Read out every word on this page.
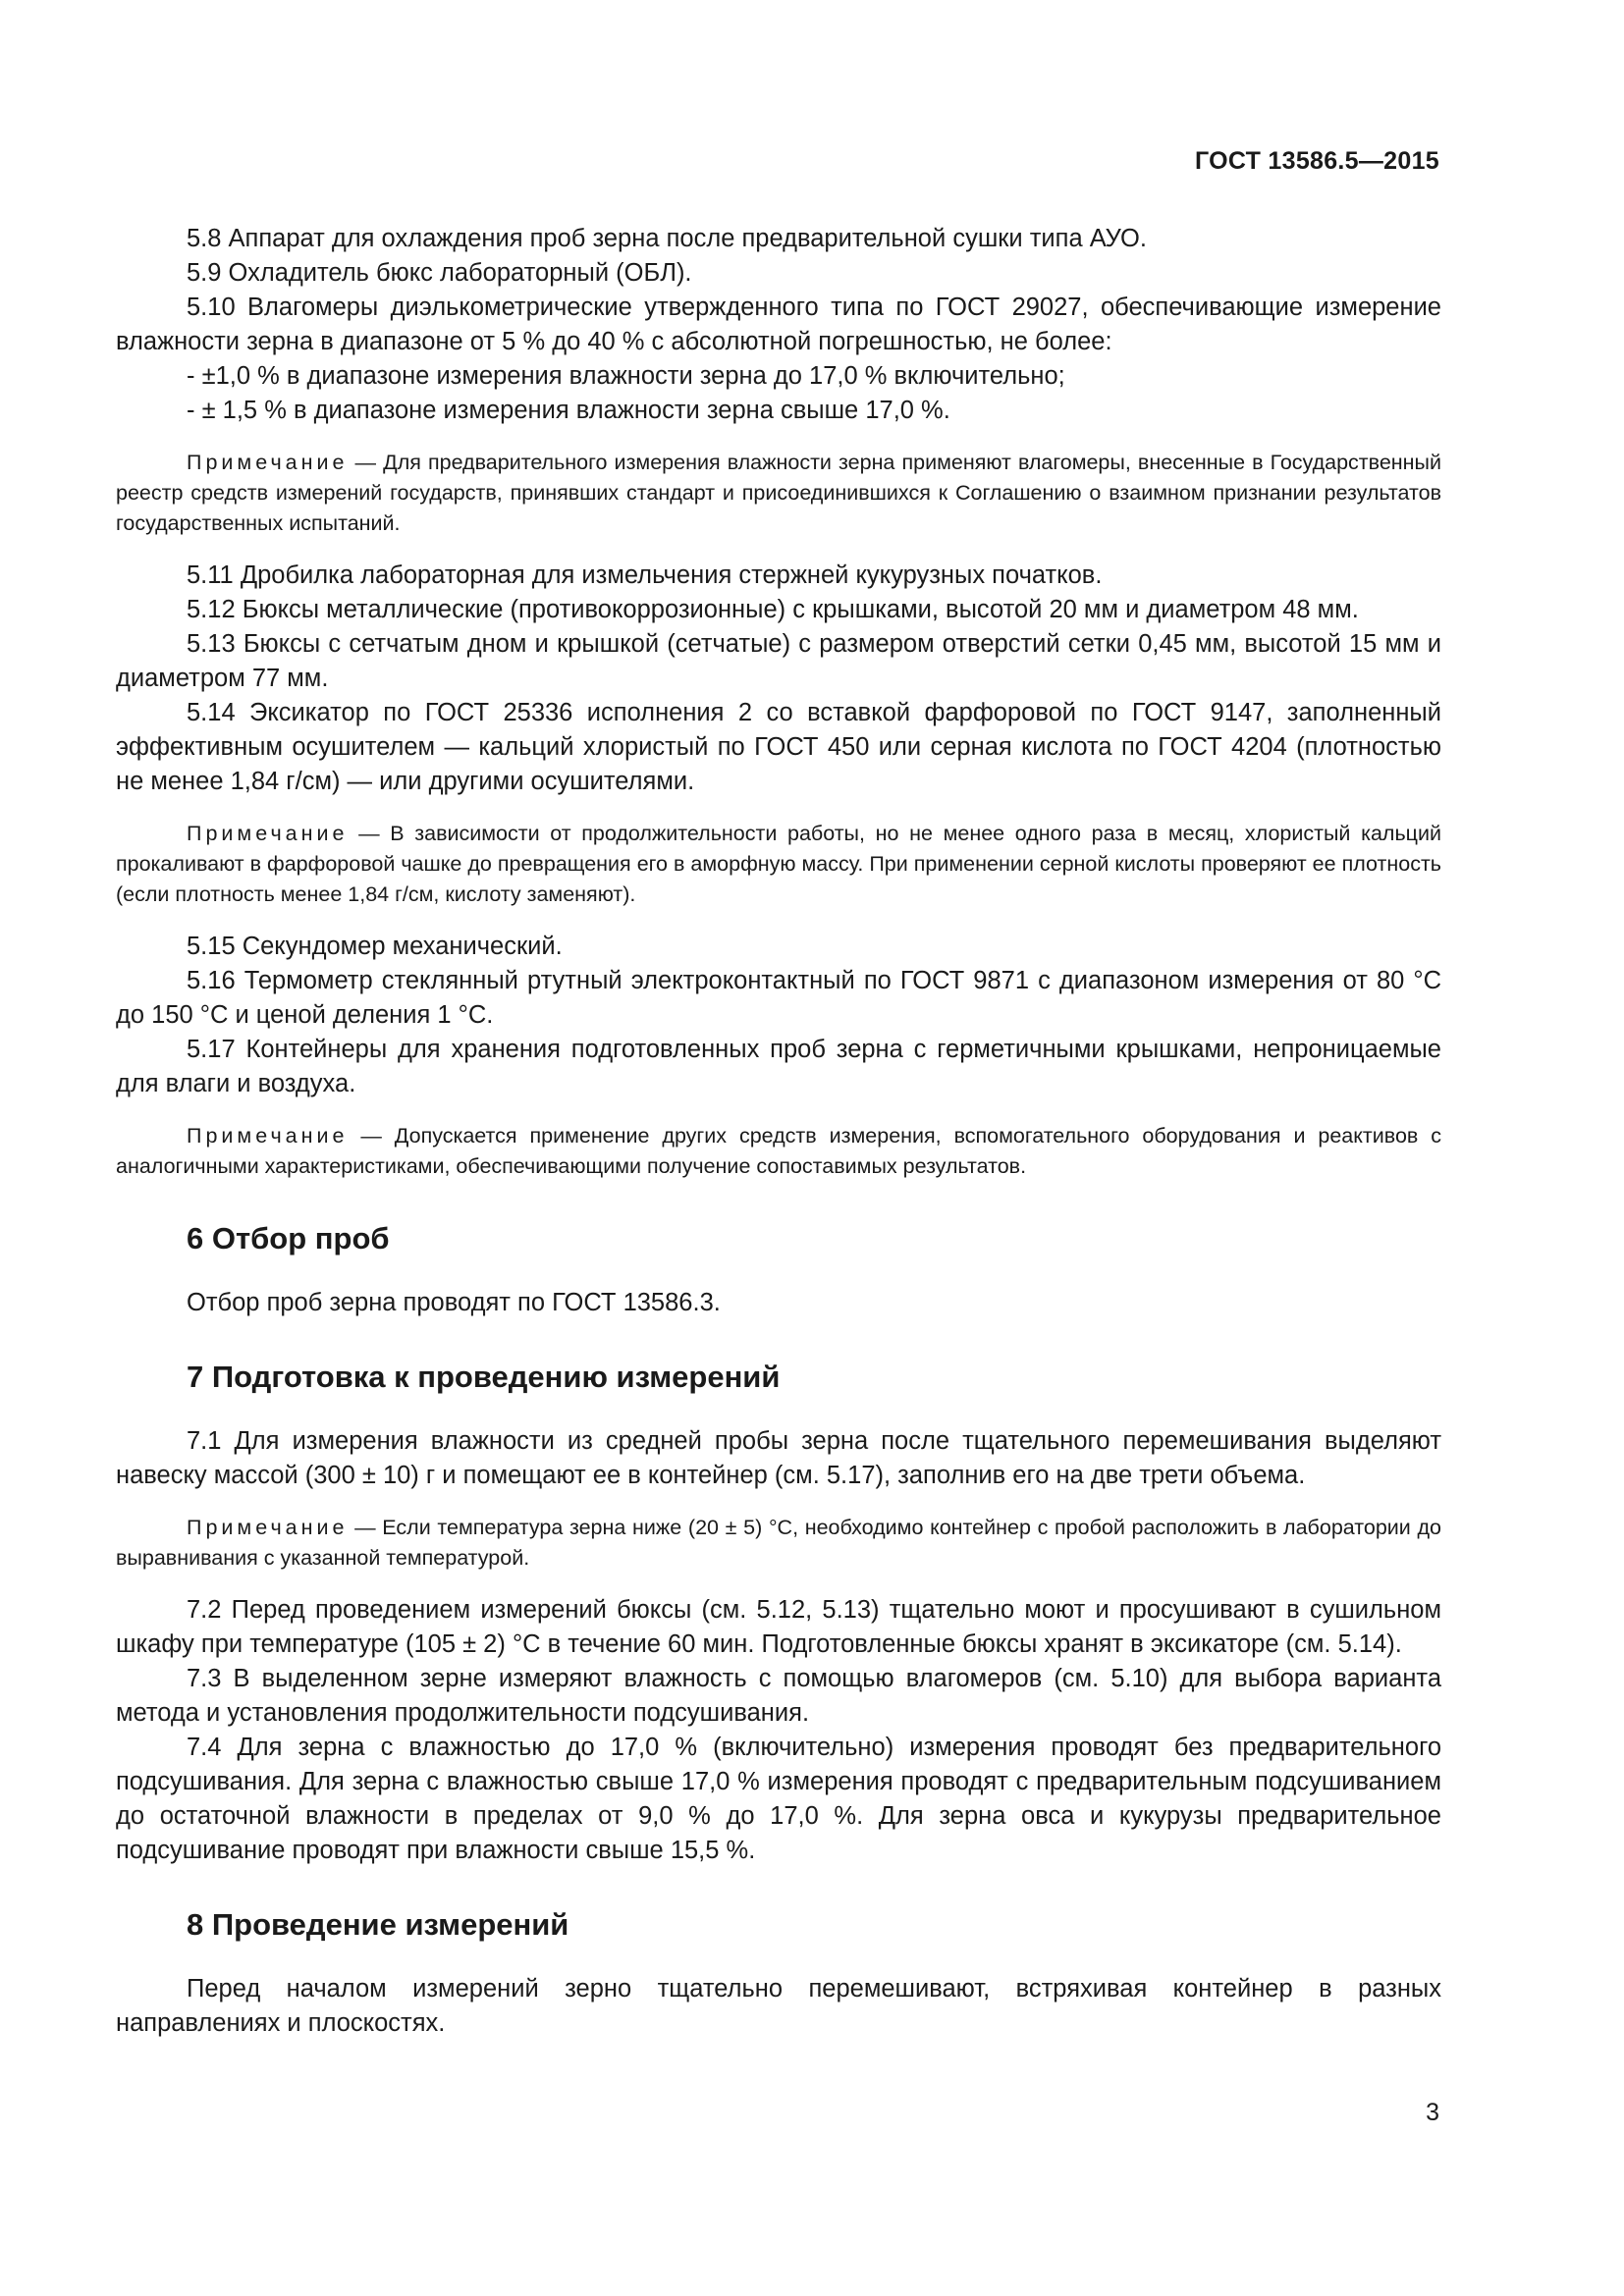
ГОСТ 13586.5—2015

5.8 Аппарат для охлаждения проб зерна после предварительной сушки типа АУО.

5.9 Охладитель бюкс лабораторный (ОБЛ).

5.10 Влагомеры диэлькометрические утвержденного типа по ГОСТ 29027, обеспечивающие измерение влажности зерна в диапазоне от 5 % до 40 % с абсолютной погрешностью, не более:

- ±1,0 % в диапазоне измерения влажности зерна до 17,0 % включительно;

- ± 1,5 % в диапазоне измерения влажности зерна свыше 17,0 %.

Примечание — Для предварительного измерения влажности зерна применяют влагомеры, внесенные в Государственный реестр средств измерений государств, принявших стандарт и присоединившихся к Соглашению о взаимном признании результатов государственных испытаний.

5.11 Дробилка лабораторная для измельчения стержней кукурузных початков.

5.12 Бюксы металлические (противокоррозионные) с крышками, высотой 20 мм и диаметром 48 мм.

5.13 Бюксы с сетчатым дном и крышкой (сетчатые) с размером отверстий сетки 0,45 мм, высотой 15 мм и диаметром 77 мм.

5.14 Эксикатор по ГОСТ 25336 исполнения 2 со вставкой фарфоровой по ГОСТ 9147, заполненный эффективным осушителем — кальций хлористый по ГОСТ 450 или серная кислота по ГОСТ 4204 (плотностью не менее 1,84 г/см) — или другими осушителями.

Примечание — В зависимости от продолжительности работы, но не менее одного раза в месяц, хлористый кальций прокаливают в фарфоровой чашке до превращения его в аморфную массу. При применении серной кислоты проверяют ее плотность (если плотность менее 1,84 г/см, кислоту заменяют).

5.15 Секундомер механический.

5.16 Термометр стеклянный ртутный электроконтактный по ГОСТ 9871 с диапазоном измерения от 80 °С до 150 °С и ценой деления 1 °С.

5.17 Контейнеры для хранения подготовленных проб зерна с герметичными крышками, непроницаемые для влаги и воздуха.

Примечание — Допускается применение других средств измерения, вспомогательного оборудования и реактивов с аналогичными характеристиками, обеспечивающими получение сопоставимых результатов.

6 Отбор проб

Отбор проб зерна проводят по ГОСТ 13586.3.

7 Подготовка к проведению измерений

7.1 Для измерения влажности из средней пробы зерна после тщательного перемешивания выделяют навеску массой (300 ± 10) г и помещают ее в контейнер (см. 5.17), заполнив его на две трети объема.

Примечание — Если температура зерна ниже (20 ± 5) °С, необходимо контейнер с пробой расположить в лаборатории до выравнивания с указанной температурой.

7.2 Перед проведением измерений бюксы (см. 5.12, 5.13) тщательно моют и просушивают в сушильном шкафу при температуре (105 ± 2) °С в течение 60 мин. Подготовленные бюксы хранят в эксикаторе (см. 5.14).

7.3 В выделенном зерне измеряют влажность с помощью влагомеров (см. 5.10) для выбора варианта метода и установления продолжительности подсушивания.

7.4 Для зерна с влажностью до 17,0 % (включительно) измерения проводят без предварительного подсушивания. Для зерна с влажностью свыше 17,0 % измерения проводят с предварительным подсушиванием до остаточной влажности в пределах от 9,0 % до 17,0 %. Для зерна овса и кукурузы предварительное подсушивание проводят при влажности свыше 15,5 %.

8 Проведение измерений

Перед началом измерений зерно тщательно перемешивают, встряхивая контейнер в разных направлениях и плоскостях.

3
